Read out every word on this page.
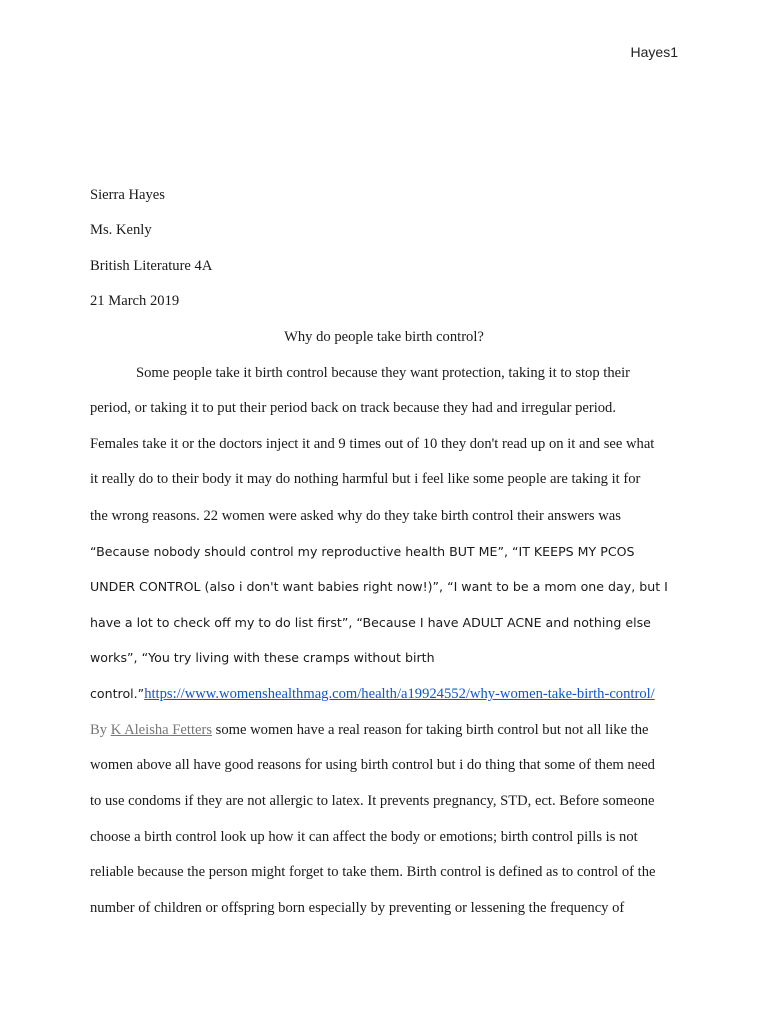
Hayes1
Sierra Hayes
Ms. Kenly
British Literature 4A
21 March 2019
Why do people take birth control?
Some people take it birth control because they want protection, taking it to stop their
period, or taking it to put their period back on track because they had and irregular period.
Females take it or the doctors inject it and 9 times out of 10 they don't read up on it and see what
it really do to their body it may do nothing harmful but i feel like some people are taking it for
the wrong reasons. 22 women were asked why do they take birth control their answers was
“Because nobody should control my reproductive health BUT ME”, “IT KEEPS MY PCOS
UNDER CONTROL (also i don't want babies right now!)”, “I want to be a mom one day, but I
have a lot to check off my to do list first”, “Because I have ADULT ACNE and nothing else
works”, “You try living with these cramps without birth
control.”https://www.womenshealthmag.com/health/a19924552/why-women-take-birth-control/
By K Aleisha Fetters some women have a real reason for taking birth control but not all like the
women above all have good reasons for using birth control but i do thing that some of them need
to use condoms if they are not allergic to latex. It prevents pregnancy, STD, ect. Before someone
choose a birth control look up how it can affect the body or emotions; birth control pills is not
reliable because the person might forget to take them. Birth control is defined as to control of the
number of children or offspring born especially by preventing or lessening the frequency of
